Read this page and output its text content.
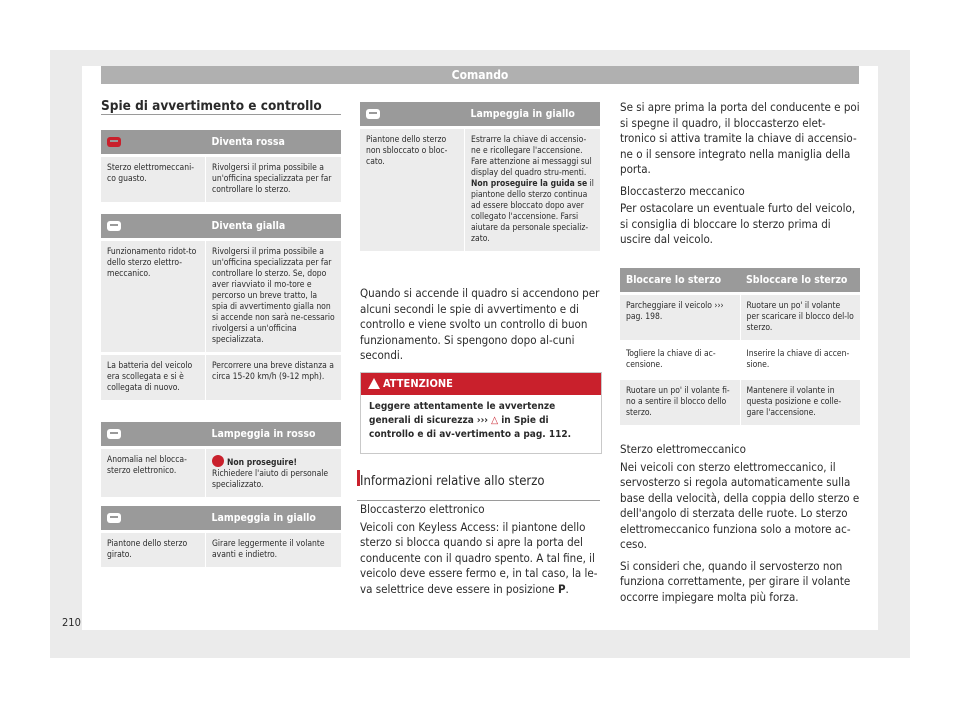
Comando
Spie di avvertimento e controllo
	Diventa rossa
Sterzo elettromeccani-co guasto.	Rivolgersi il prima possibile a un'officina specializzata per far controllare lo sterzo.
	Diventa gialla
Funzionamento ridot-to dello sterzo elettro-meccanico.	Rivolgersi il prima possibile a un'officina specializzata per far controllare lo sterzo. Se, dopo aver riavviato il mo-tore e percorso un breve tratto, la spia di avvertimento gialla non si accende non sarà ne-cessario rivolgersi a un'officina specializzata.
La batteria del veicolo era scollegata e si è collegata di nuovo.	Percorrere una breve distanza a circa 15-20 km/h (9-12 mph).
	Lampeggia in rosso
Anomalia nel blocca-sterzo elettronico.	Non proseguire!
Richiedere l'aiuto di personale specializzato.
	Lampeggia in giallo
Piantone dello sterzo girato.	Girare leggermente il volante avanti e indietro.
	Lampeggia in giallo
Piantone dello sterzo non sbloccato o bloc-cato.	Estrarre la chiave di accensio-ne e ricollegare l'accensione. Fare attenzione ai messaggi sul display del quadro stru-menti.
Non proseguire la guida se il piantone dello sterzo continua ad essere bloccato dopo aver collegato l'accensione. Farsi aiutare da personale specializ-zato.
Quando si accende il quadro si accendono per alcuni secondi le spie di avvertimento e di controllo e viene svolto un controllo di buon funzionamento. Si spengono dopo al-cuni secondi.
ATTENZIONE
Leggere attentamente le avvertenze generali di sicurezza ››› △ in Spie di controllo e di av-vertimento a pag. 112.
Informazioni relative allo sterzo

Bloccasterzo elettronico

Veicoli con Keyless Access: il piantone dello sterzo si blocca quando si apre la porta del conducente con il quadro spento. A tal fine, il veicolo deve essere fermo e, in tal caso, la le-va selettrice deve essere in posizione P.

Se si apre prima la porta del conducente e poi si spegne il quadro, il bloccasterzo elet-tronico si attiva tramite la chiave di accensio-ne o il sensore integrato nella maniglia della porta.

Bloccasterzo meccanico

Per ostacolare un eventuale furto del veicolo, si consiglia di bloccare lo sterzo prima di uscire dal veicolo.

Bloccare lo sterzo	Sbloccare lo sterzo
Parcheggiare il veicolo ››› pag. 198.	Ruotare un po' il volante per scaricare il blocco del-lo sterzo.
Togliere la chiave di ac-censione.	Inserire la chiave di accen-sione.
Ruotare un po' il volante fi-no a sentire il blocco dello sterzo.	Mantenere il volante in questa posizione e colle-gare l'accensione.

Sterzo elettromeccanico

Nei veicoli con sterzo elettromeccanico, il servosterzo si regola automaticamente sulla base della velocità, della coppia dello sterzo e dell'angolo di sterzata delle ruote. Lo sterzo elettromeccanico funziona solo a motore ac-ceso.

Si consideri che, quando il servosterzo non funziona correttamente, per girare il volante occorre impiegare molta più forza.

210
